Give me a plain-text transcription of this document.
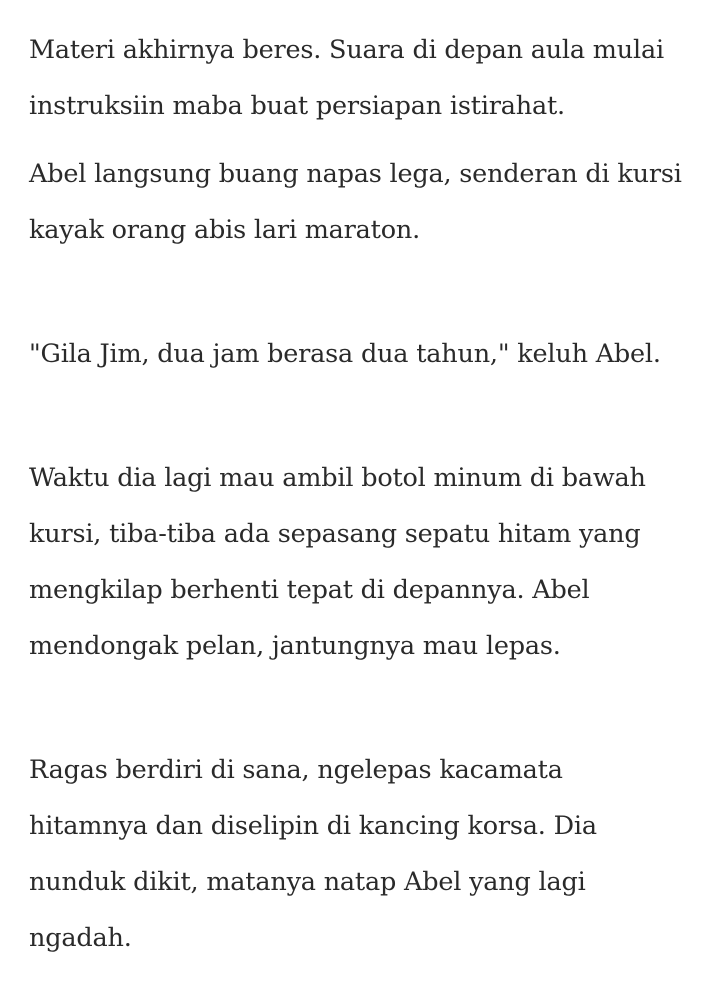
Materi akhirnya beres. Suara di depan aula mulai
instruksiin maba buat persiapan istirahat.

Abel langsung buang napas lega, senderan di kursi
kayak orang abis lari maraton.

"Gila Jim, dua jam berasa dua tahun," keluh Abel.

Waktu dia lagi mau ambil botol minum di bawah
kursi, tiba-tiba ada sepasang sepatu hitam yang
mengkilap berhenti tepat di depannya. Abel
mendongak pelan, jantungnya mau lepas.

Ragas berdiri di sana, ngelepas kacamata
hitamnya dan diselipin di kancing korsa. Dia
nunduk dikit, matanya natap Abel yang lagi
ngadah.
